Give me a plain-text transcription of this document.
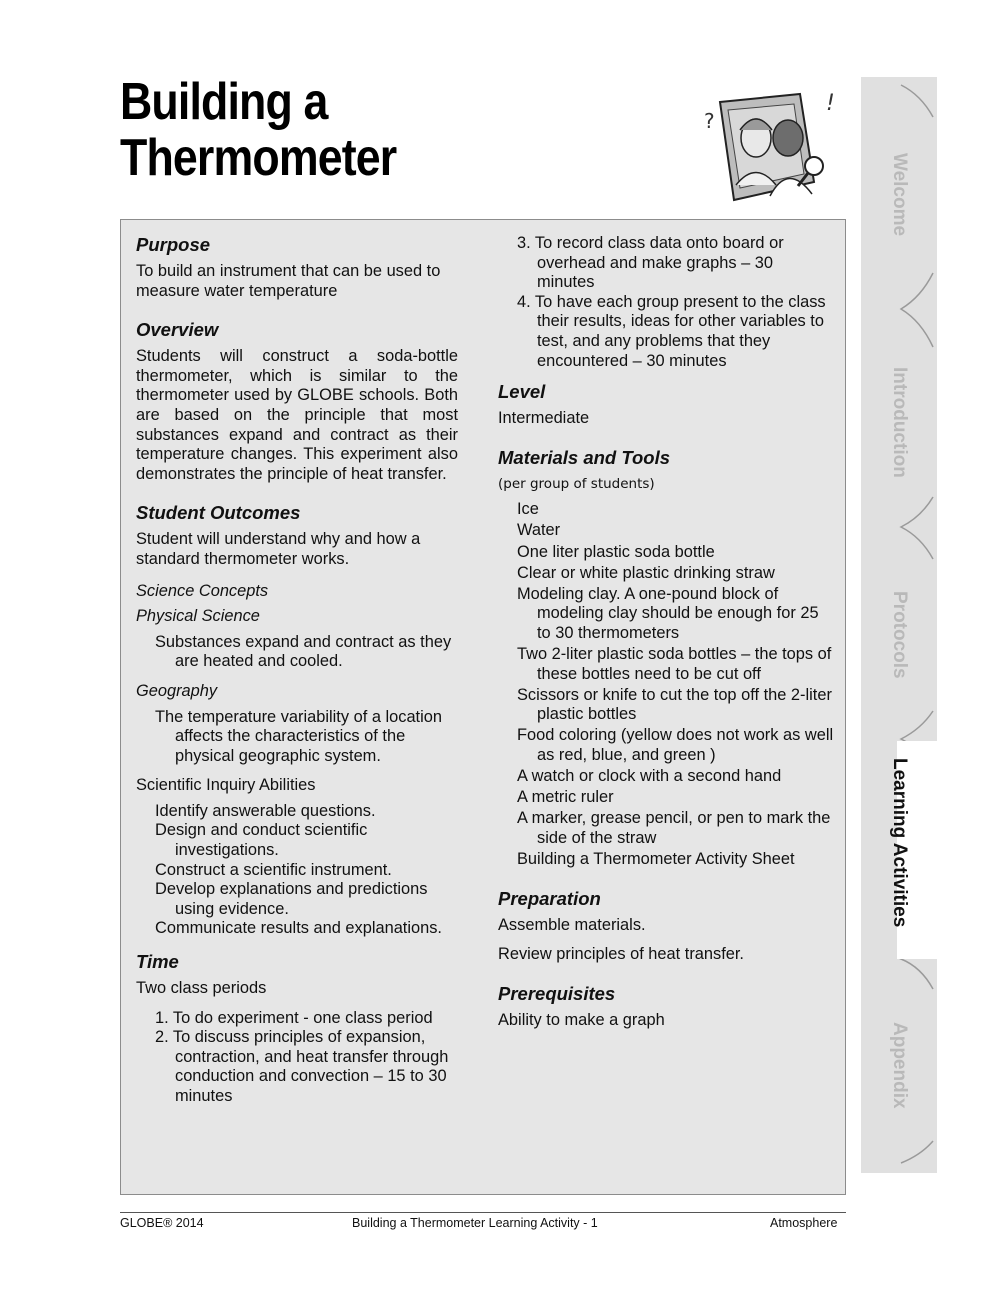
Building a
Thermometer
?
!
Purpose

To build an instrument that can be used to measure water temperature

Overview

Students will construct a soda-bottle thermometer, which is similar to the thermometer used by GLOBE schools. Both are based on the principle that most substances expand and contract as their temperature changes. This experiment also demonstrates the principle of heat transfer.

Student Outcomes

Student will understand why and how a standard thermometer works.

Science Concepts

Physical Science

Substances expand and contract as they are heated and cooled.

Geography

The temperature variability of a location affects the characteristics of the physical geographic system.

Scientific Inquiry Abilities

Identify answerable questions.

Design and conduct scientific investigations.

Construct a scientific instrument.

Develop explanations and predictions using evidence.

Communicate results and explanations.

Time

Two class periods

1. To do experiment - one class period

2. To discuss principles of expansion, contraction, and heat transfer through conduction and convection – 15 to 30 minutes

3. To record class data onto board or overhead and make graphs – 30 minutes

4. To have each group present to the class their results, ideas for other variables to test, and any problems that they encountered – 30 minutes

Level

Intermediate

Materials and Tools

(per group of students)

Ice

Water

One liter plastic soda bottle

Clear or white plastic drinking straw

Modeling clay. A one-pound block of modeling clay should be enough for 25 to 30 thermometers

Two 2-liter plastic soda bottles – the tops of these bottles need to be cut off

Scissors or knife to cut the top off the 2-liter plastic bottles

Food coloring (yellow does not work as well as red, blue, and green )

A watch or clock with a second hand

A metric ruler

A marker, grease pencil, or pen to mark the side of the straw

Building a Thermometer Activity Sheet

Preparation

Assemble materials.

Review principles of heat transfer.

Prerequisites

Ability to make a graph

Welcome
Introduction
Protocols
Learning Activities
Appendix
GLOBE® 2014	Building a Thermometer Learning Activity - 1	Atmosphere
